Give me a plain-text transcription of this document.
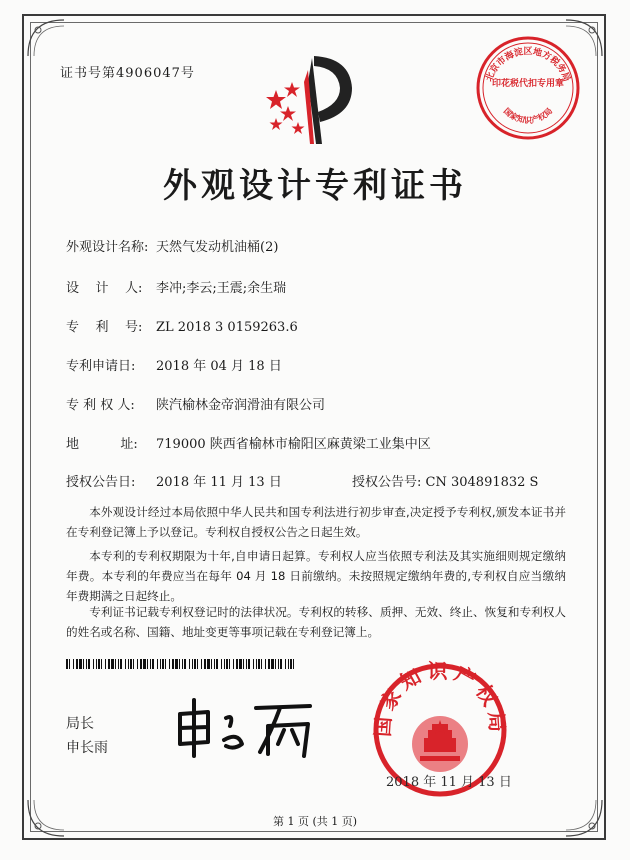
证书号第4906047号	北京市海淀区地方税务局
印花税代扣专用章
国家知识产权局
外观设计专利证书
外观设计名称: 天然气发动机油桶(2)
设    计    人: 李冲;李云;王震;余生瑞
专    利    号: ZL 2018 3 0159263.6
专利申请日: 2018 年 04 月 18 日
专 利 权 人: 陕汽榆林金帝润滑油有限公司
地          址: 719000 陕西省榆林市榆阳区麻黄梁工业集中区
授权公告日: 2018 年 11 月 13 日	授权公告号: CN 304891832 S
本外观设计经过本局依照中华人民共和国专利法进行初步审查,决定授予专利权,颁发本证书并在专利登记簿上予以登记。专利权自授权公告之日起生效。
本专利的专利权期限为十年,自申请日起算。专利权人应当依照专利法及其实施细则规定缴纳年费。本专利的年费应当在每年 04 月 18 日前缴纳。未按照规定缴纳年费的,专利权自应当缴纳年费期满之日起终止。
专利证书记载专利权登记时的法律状况。专利权的转移、质押、无效、终止、恢复和专利权人的姓名或名称、国籍、地址变更等事项记载在专利登记簿上。
局长
申长雨
国家知识产权局
2018 年 11 月 13 日
第 1 页 (共 1 页)
